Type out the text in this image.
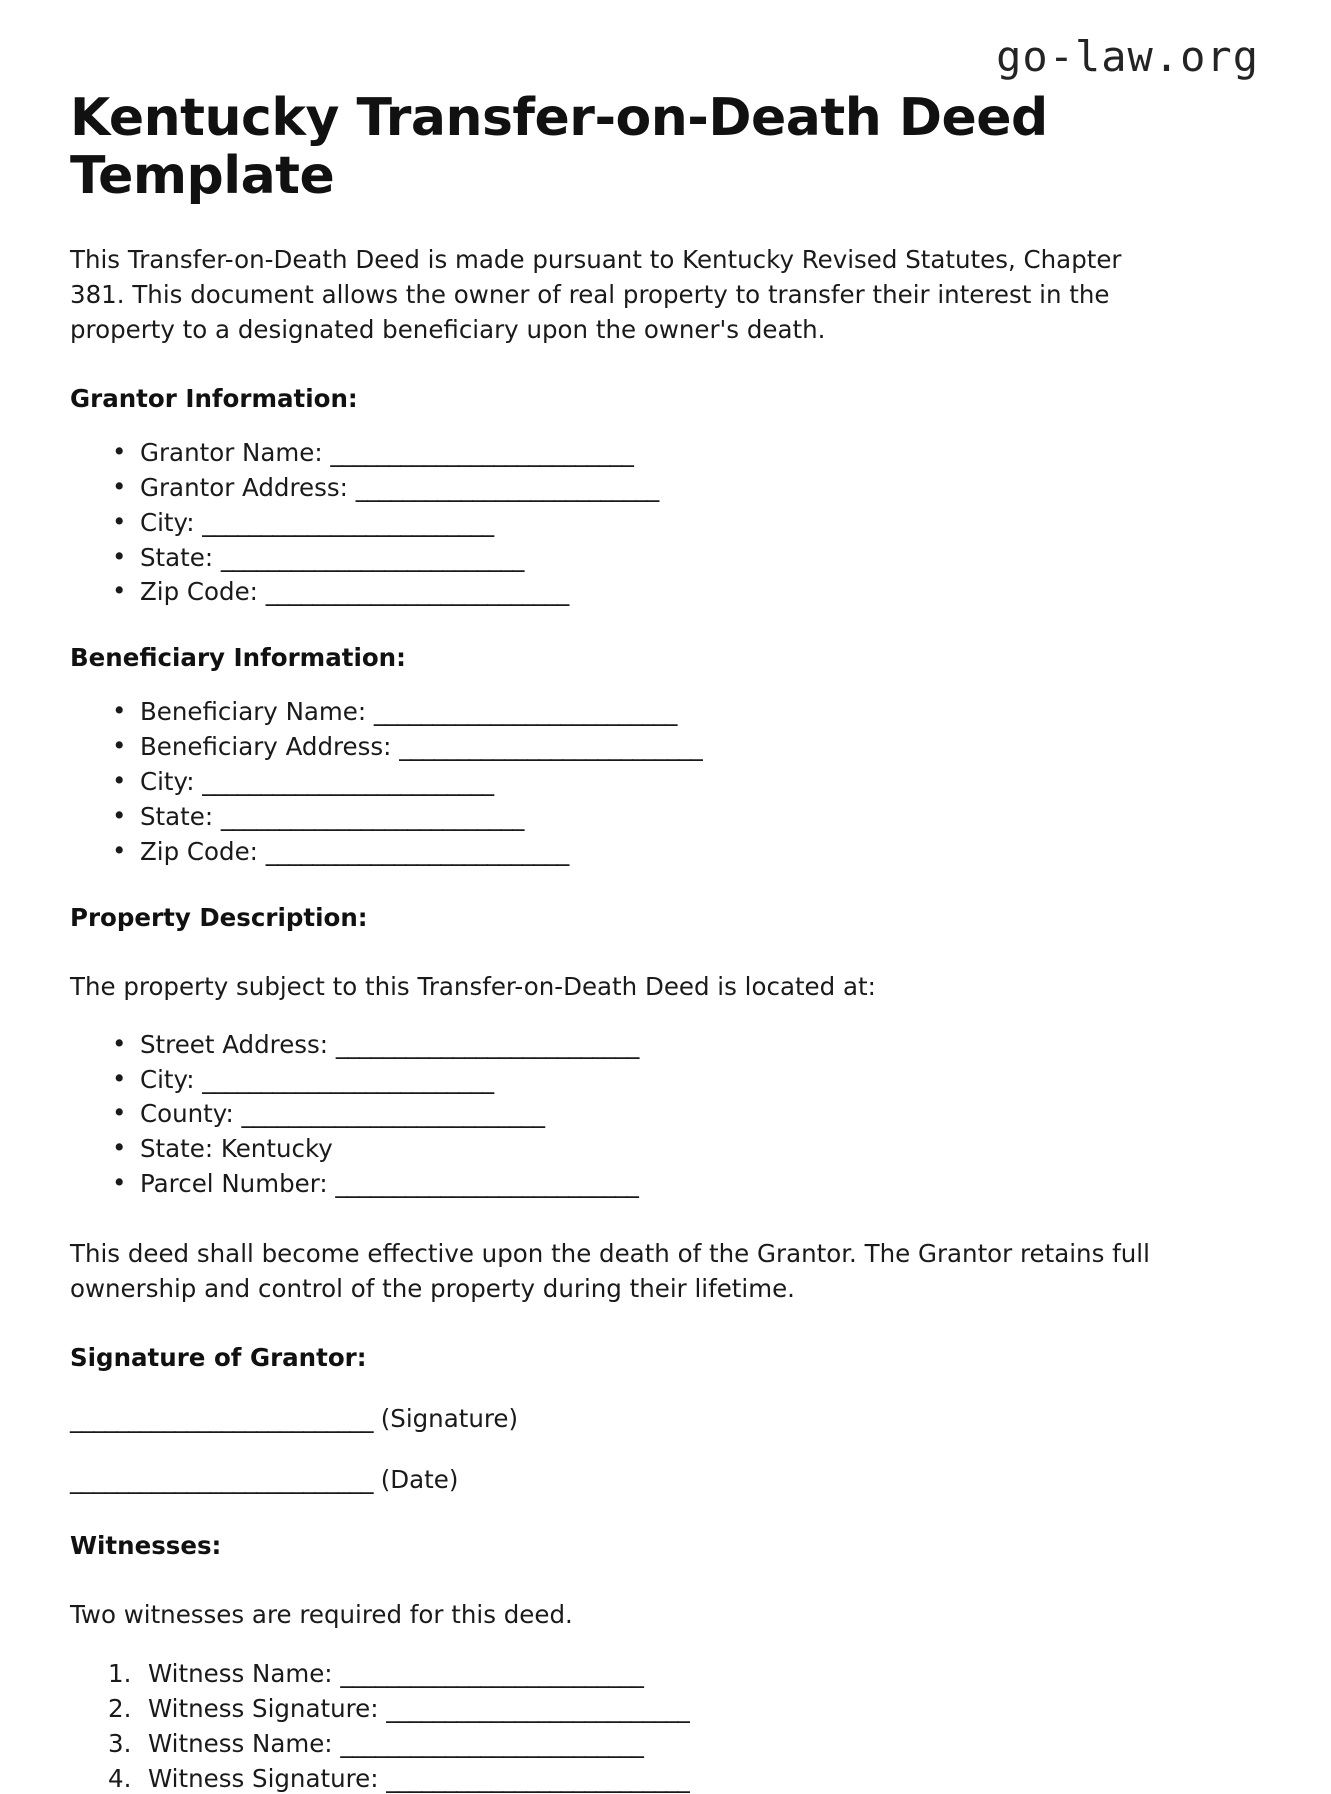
go-law.org
Kentucky Transfer-on-Death Deed Template

This Transfer-on-Death Deed is made pursuant to Kentucky Revised Statutes, Chapter 381. This document allows the owner of real property to transfer their interest in the property to a designated beneficiary upon the owner's death.

Grantor Information:
• Grantor Name: __________________________
• Grantor Address: __________________________
• City: _________________________
• State: __________________________
• Zip Code: __________________________
Beneficiary Information:
• Beneficiary Name: __________________________
• Beneficiary Address: __________________________
• City: _________________________
• State: __________________________
• Zip Code: __________________________
Property Description:

The property subject to this Transfer-on-Death Deed is located at:

• Street Address: __________________________
• City: _________________________
• County: __________________________
• State: Kentucky
• Parcel Number: __________________________

This deed shall become effective upon the death of the Grantor. The Grantor retains full ownership and control of the property during their lifetime.

Signature of Grantor:
__________________________ (Signature)
__________________________ (Date)
Witnesses:

Two witnesses are required for this deed.

Witness Name: __________________________
Witness Signature: __________________________
Witness Name: __________________________
Witness Signature: __________________________
